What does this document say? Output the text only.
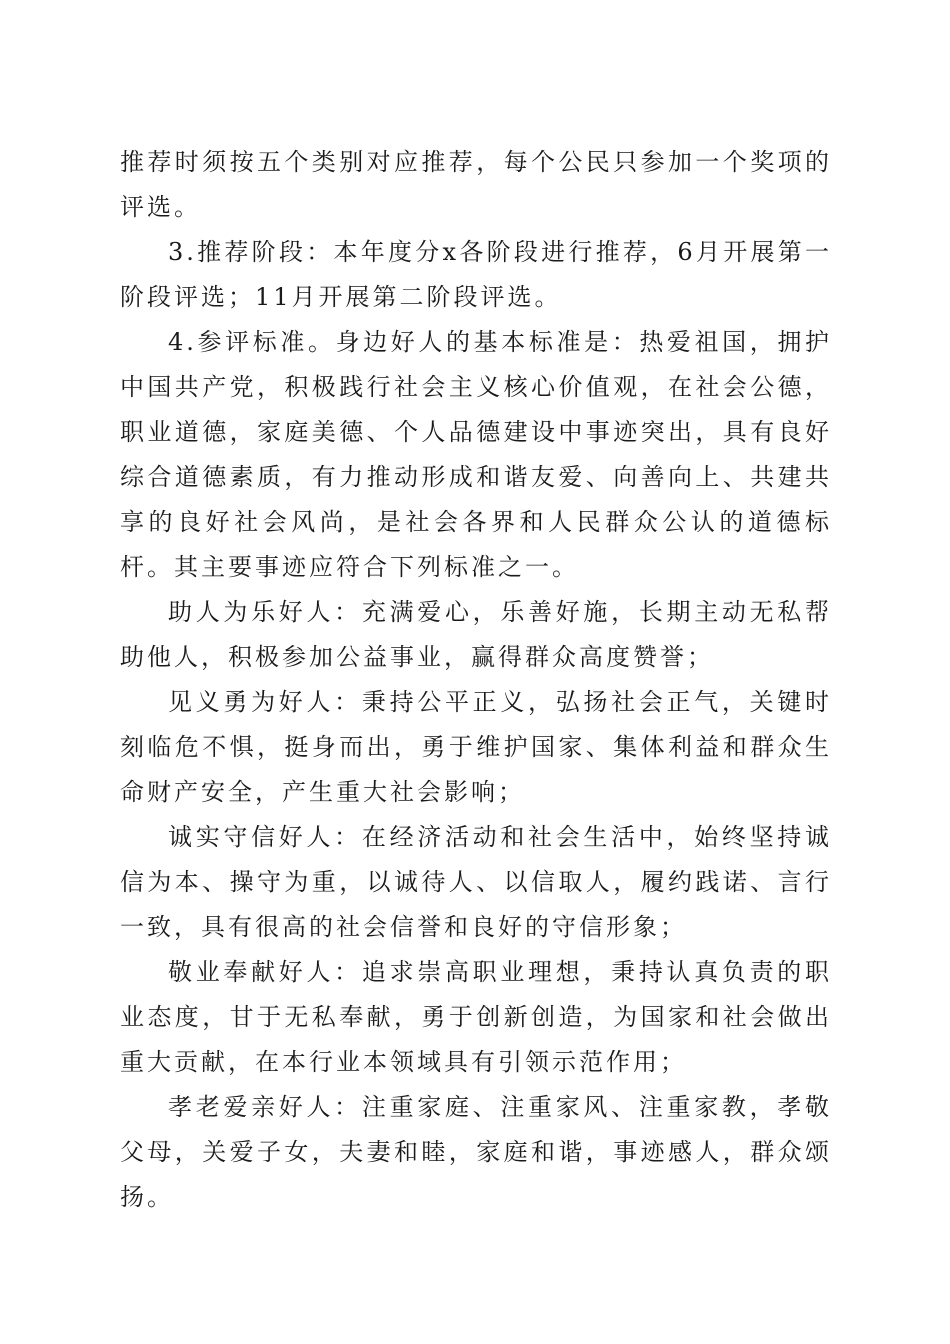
推荐时须按五个类别对应推荐，每个公民只参加一个奖项的评选。

3.推荐阶段：本年度分x各阶段进行推荐，6月开展第一阶段评选；11月开展第二阶段评选。

4.参评标准。身边好人的基本标准是：热爱祖国，拥护中国共产党，积极践行社会主义核心价值观，在社会公德，职业道德，家庭美德、个人品德建设中事迹突出，具有良好综合道德素质，有力推动形成和谐友爱、向善向上、共建共享的良好社会风尚，是社会各界和人民群众公认的道德标杆。其主要事迹应符合下列标准之一。

助人为乐好人：充满爱心，乐善好施，长期主动无私帮助他人，积极参加公益事业，赢得群众高度赞誉；

见义勇为好人：秉持公平正义，弘扬社会正气，关键时刻临危不惧，挺身而出，勇于维护国家、集体利益和群众生命财产安全，产生重大社会影响；

诚实守信好人：在经济活动和社会生活中，始终坚持诚信为本、操守为重，以诚待人、以信取人，履约践诺、言行一致，具有很高的社会信誉和良好的守信形象；

敬业奉献好人：追求崇高职业理想，秉持认真负责的职业态度，甘于无私奉献，勇于创新创造，为国家和社会做出重大贡献，在本行业本领域具有引领示范作用；

孝老爱亲好人：注重家庭、注重家风、注重家教，孝敬父母，关爱子女，夫妻和睦，家庭和谐，事迹感人，群众颂扬。
